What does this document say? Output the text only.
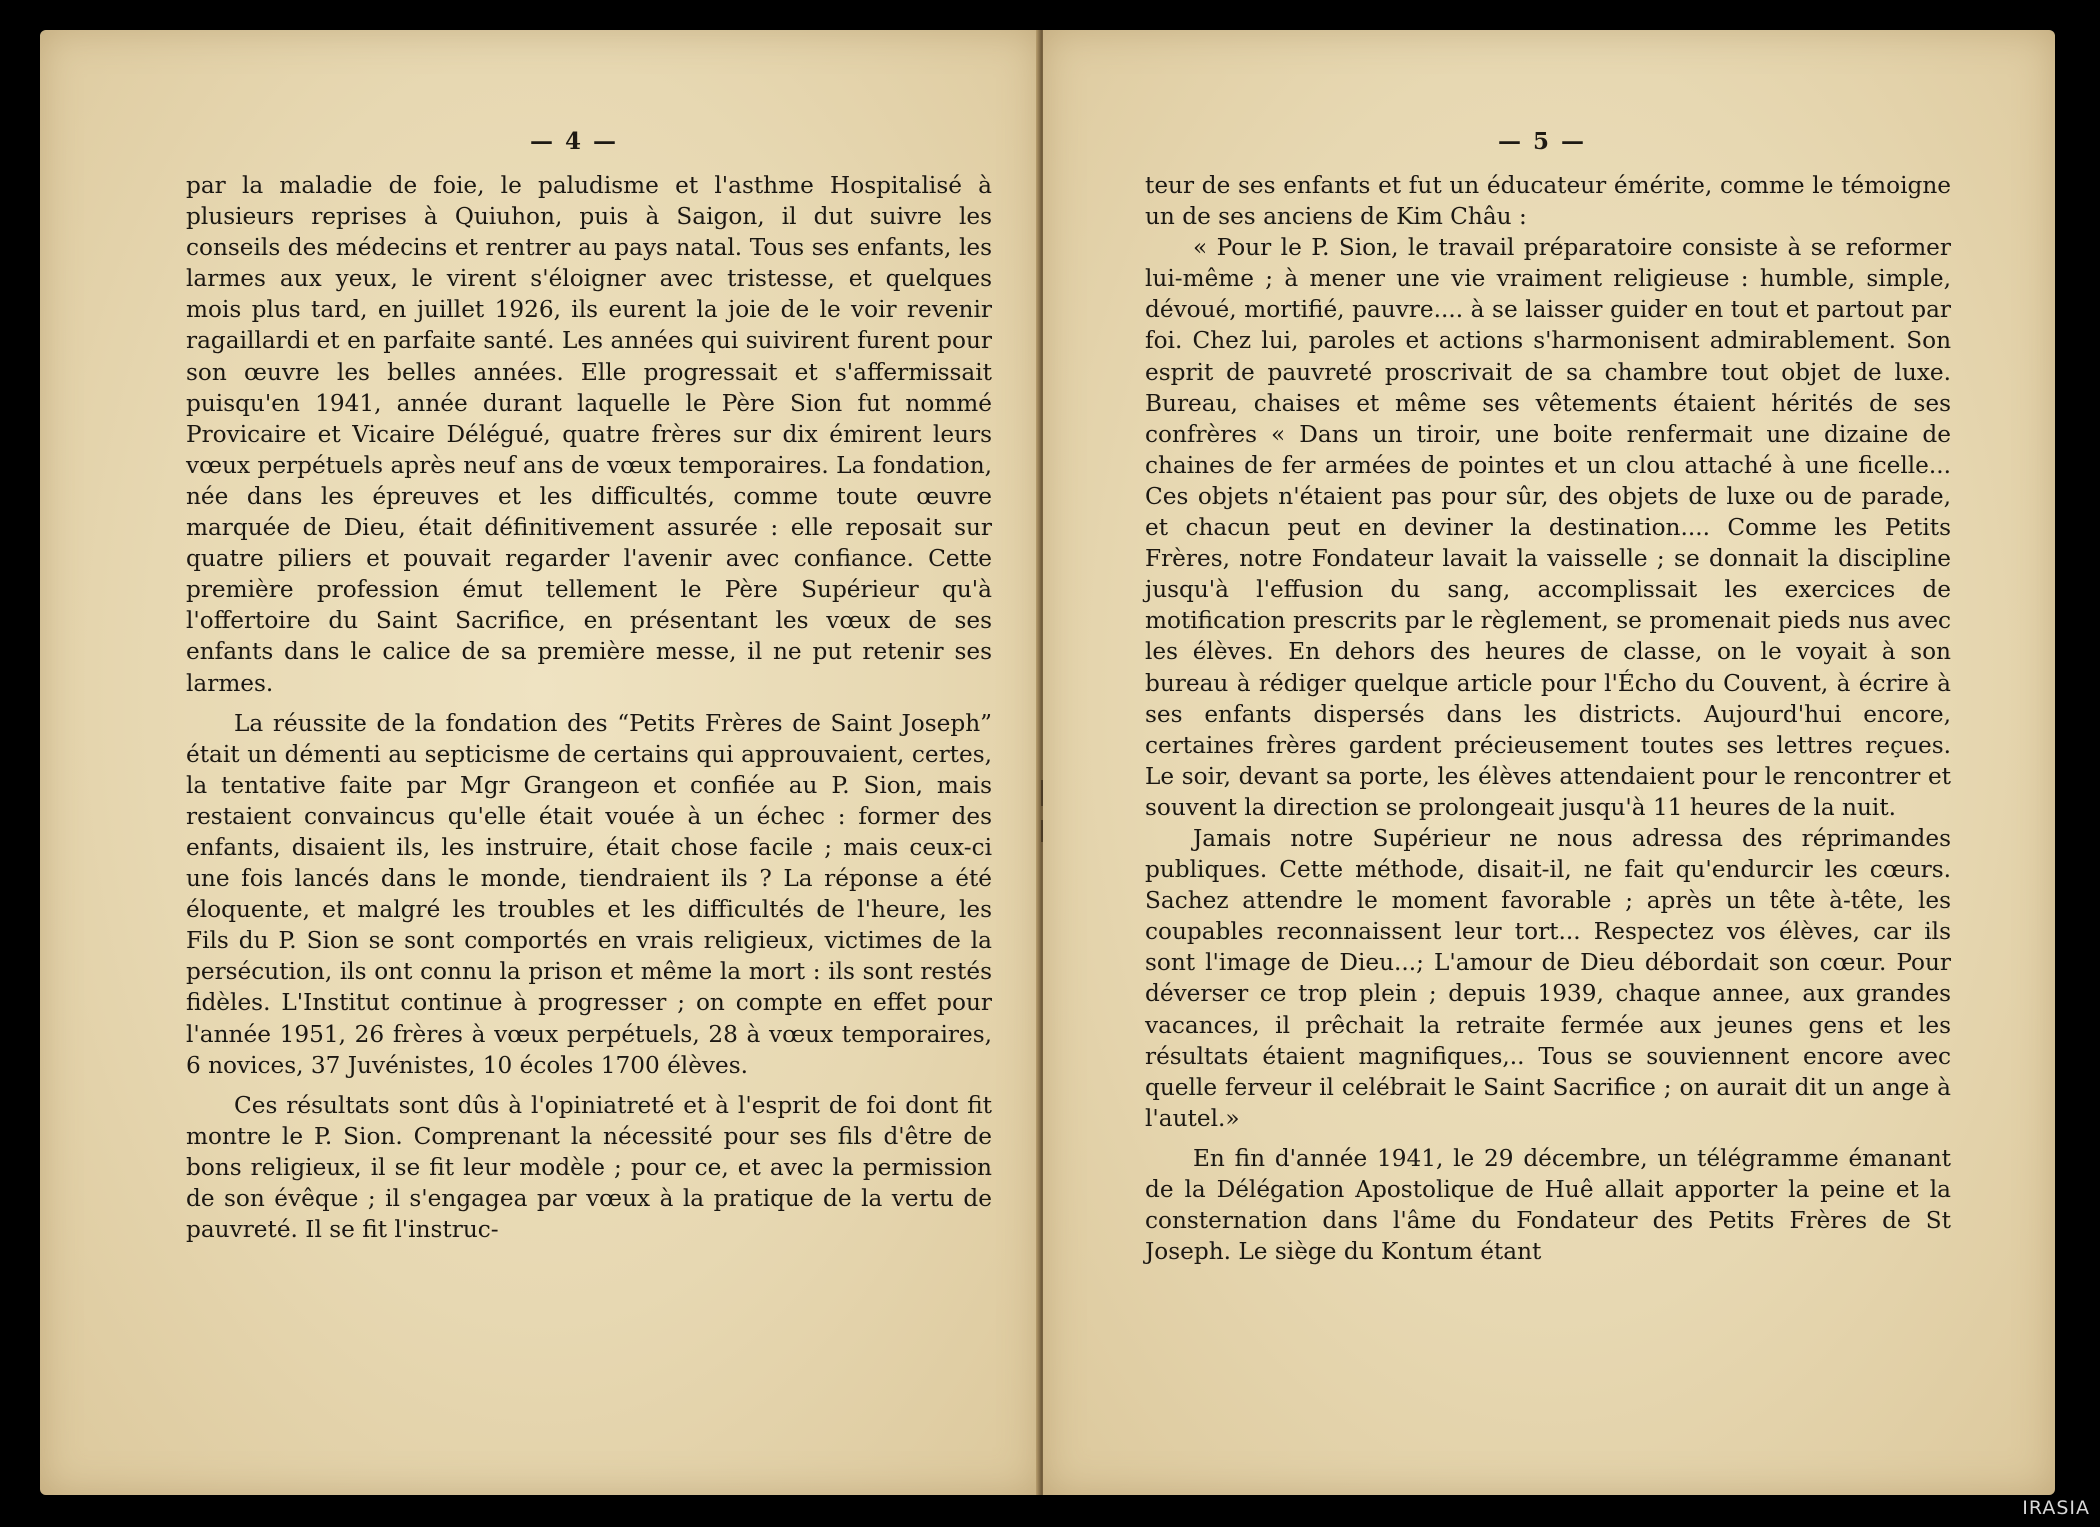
— 4 —

par la maladie de foie, le paludisme et l'asthme Hospitalisé à plusieurs reprises à Quiuhon, puis à Saigon, il dut suivre les conseils des médecins et rentrer au pays natal. Tous ses enfants, les larmes aux yeux, le virent s'éloigner avec tristesse, et quelques mois plus tard, en juillet 1926, ils eurent la joie de le voir revenir ragaillardi et en parfaite santé. Les années qui suivirent furent pour son œuvre les belles années. Elle progressait et s'affermissait puisqu'en 1941, année durant laquelle le Père Sion fut nommé Provicaire et Vicaire Délégué, quatre frères sur dix émirent leurs vœux perpétuels après neuf ans de vœux temporaires. La fondation, née dans les épreuves et les difficultés, comme toute œuvre marquée de Dieu, était définitivement assurée : elle reposait sur quatre piliers et pouvait regarder l'avenir avec confiance. Cette première profession émut tellement le Père Supérieur qu'à l'offertoire du Saint Sacrifice, en présentant les vœux de ses enfants dans le calice de sa première messe, il ne put retenir ses larmes.

La réussite de la fondation des “Petits Frères de Saint Joseph” était un démenti au septicisme de certains qui approuvaient, certes, la tentative faite par Mgr Grangeon et confiée au P. Sion, mais restaient convaincus qu'elle était vouée à un échec : former des enfants, disaient ils, les instruire, était chose facile ; mais ceux-ci une fois lancés dans le monde, tiendraient ils ? La réponse a été éloquente, et malgré les troubles et les difficultés de l'heure, les Fils du P. Sion se sont comportés en vrais religieux, victimes de la persécution, ils ont connu la prison et même la mort : ils sont restés fidèles. L'Institut continue à progresser ; on compte en effet pour l'année 1951, 26 frères à vœux perpétuels, 28 à vœux temporaires, 6 novices, 37 Juvénistes, 10 écoles 1700 élèves.

Ces résultats sont dûs à l'opiniatreté et à l'esprit de foi dont fit montre le P. Sion. Comprenant la nécessité pour ses fils d'être de bons religieux, il se fit leur modèle ; pour ce, et avec la permission de son évêque ; il s'engagea par vœux à la pratique de la vertu de pauvreté. Il se fit l'instruc-

— 5 —

teur de ses enfants et fut un éducateur émérite, comme le témoigne un de ses anciens de Kim Châu :

« Pour le P. Sion, le travail préparatoire consiste à se reformer lui-même ; à mener une vie vraiment religieuse : humble, simple, dévoué, mortifié, pauvre.... à se laisser guider en tout et partout par foi. Chez lui, paroles et actions s'harmonisent admirablement. Son esprit de pauvreté proscrivait de sa chambre tout objet de luxe. Bureau, chaises et même ses vêtements étaient hérités de ses confrères « Dans un tiroir, une boite renfermait une dizaine de chaines de fer armées de pointes et un clou attaché à une ficelle... Ces objets n'étaient pas pour sûr, des objets de luxe ou de parade, et chacun peut en deviner la destination.... Comme les Petits Frères, notre Fondateur lavait la vaisselle ; se donnait la discipline jusqu'à l'effusion du sang, accomplissait les exercices de motification prescrits par le règlement, se promenait pieds nus avec les élèves. En dehors des heures de classe, on le voyait à son bureau à rédiger quelque article pour l'Écho du Couvent, à écrire à ses enfants dispersés dans les districts. Aujourd'hui encore, certaines frères gardent précieusement toutes ses lettres reçues. Le soir, devant sa porte, les élèves attendaient pour le rencontrer et souvent la direction se prolongeait jusqu'à 11 heures de la nuit.

Jamais notre Supérieur ne nous adressa des réprimandes publiques. Cette méthode, disait-il, ne fait qu'endurcir les cœurs. Sachez attendre le moment favorable ; après un tête à-tête, les coupables reconnaissent leur tort... Respectez vos élèves, car ils sont l'image de Dieu...; L'amour de Dieu débordait son cœur. Pour déverser ce trop plein ; depuis 1939, chaque annee, aux grandes vacances, il prêchait la retraite fermée aux jeunes gens et les résultats étaient magnifiques,.. Tous se souviennent encore avec quelle ferveur il celébrait le Saint Sacrifice ; on aurait dit un ange à l'autel.»

En fin d'année 1941, le 29 décembre, un télégramme émanant de la Délégation Apostolique de Huê allait apporter la peine et la consternation dans l'âme du Fondateur des Petits Frères de St Joseph. Le siège du Kontum étant

IRASIA
